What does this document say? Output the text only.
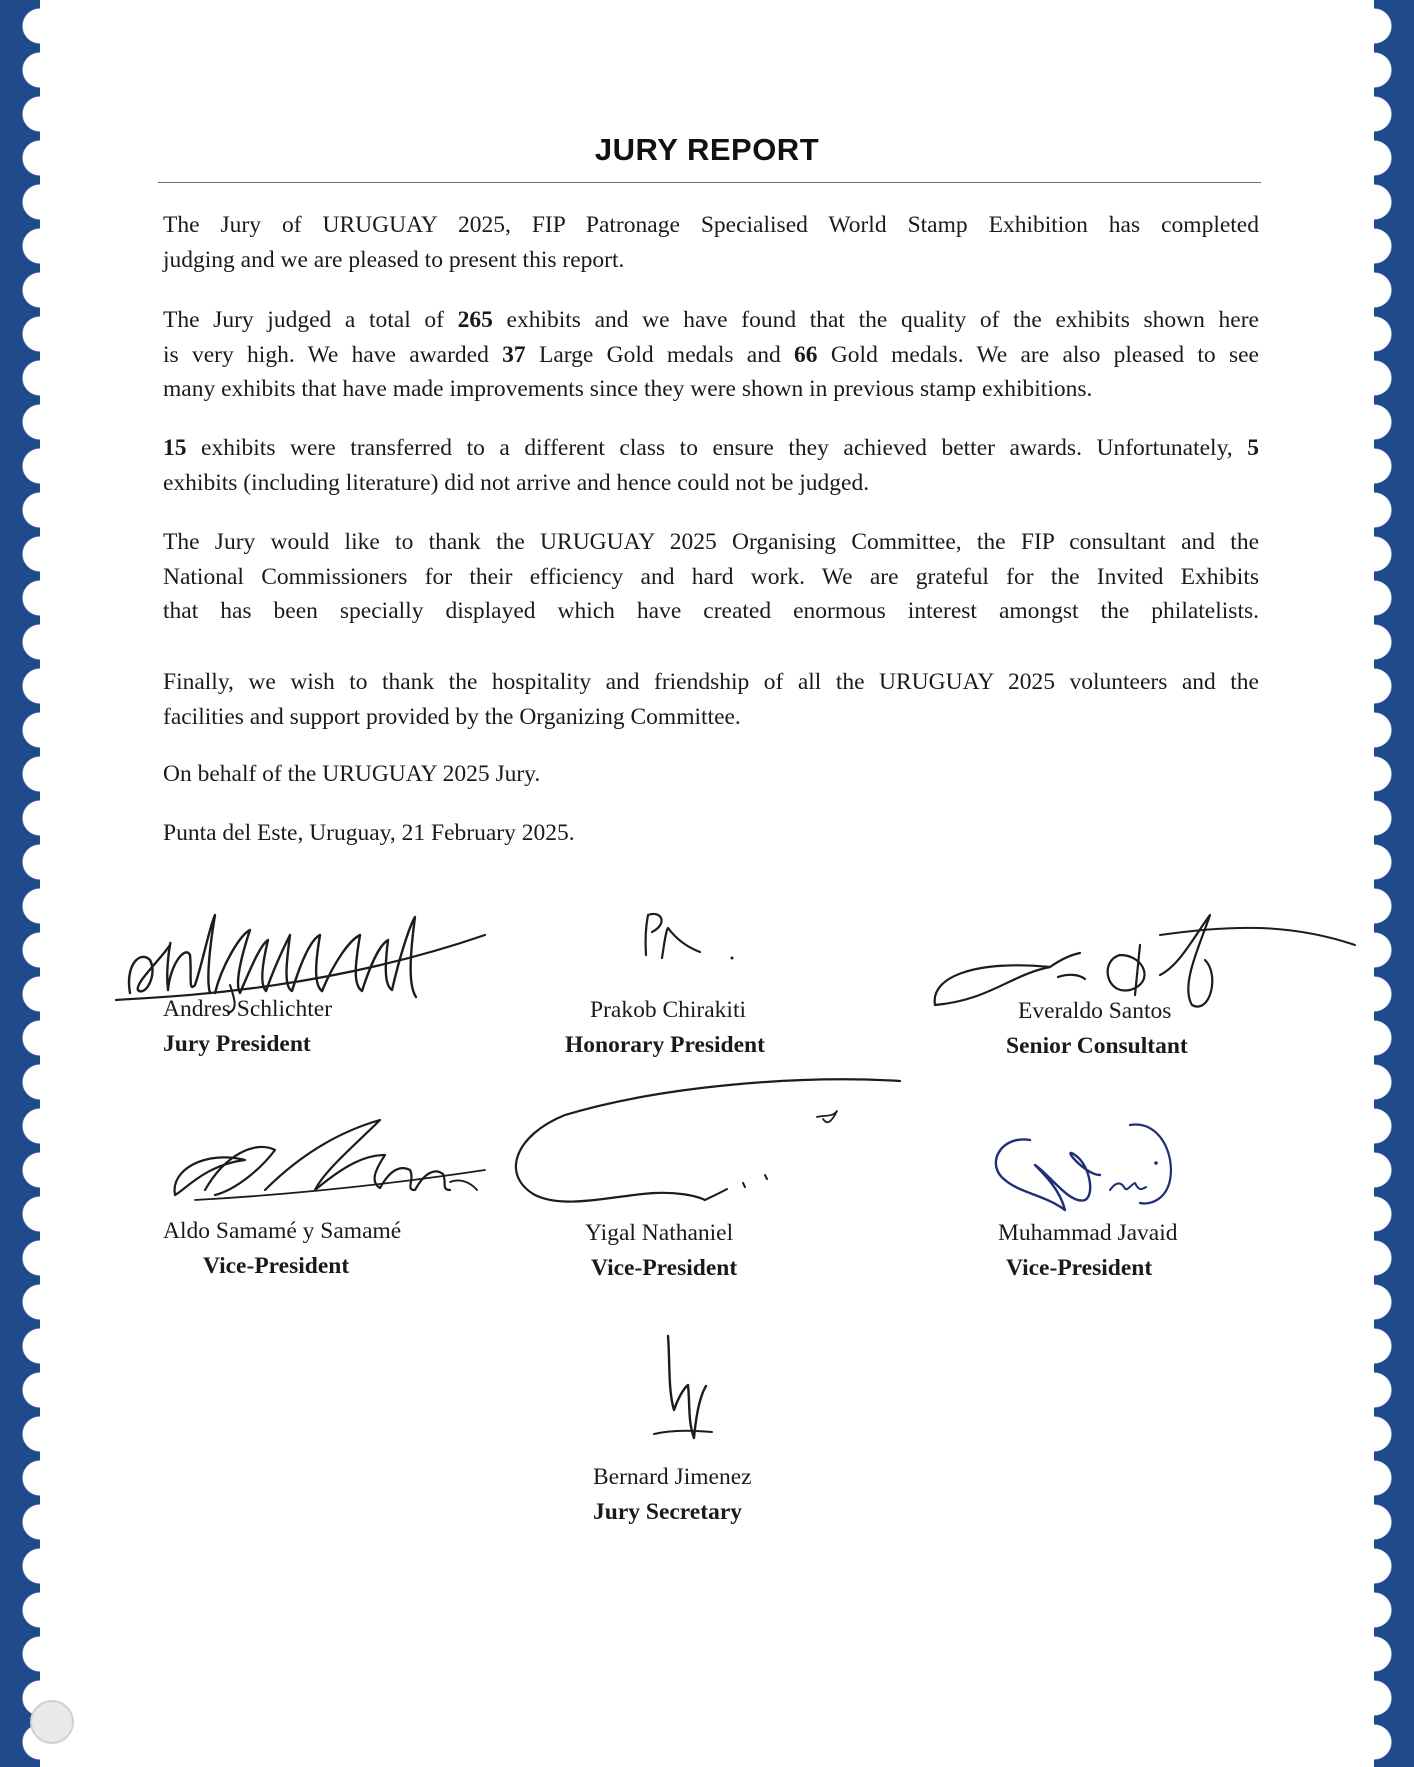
JURY REPORT
The Jury of URUGUAY 2025, FIP Patronage Specialised World Stamp Exhibition has completed
judging and we are pleased to present this report.
The Jury judged a total of 265 exhibits and we have found that the quality of the exhibits shown here
is very high. We have awarded 37 Large Gold medals and 66 Gold medals. We are also pleased to see
many exhibits that have made improvements since they were shown in previous stamp exhibitions.
15 exhibits were transferred to a different class to ensure they achieved better awards. Unfortunately, 5
exhibits (including literature) did not arrive and hence could not be judged.
The Jury would like to thank the URUGUAY 2025 Organising Committee, the FIP consultant and the
National Commissioners for their efficiency and hard work. We are grateful for the Invited Exhibits
that has been specially displayed which have created enormous interest amongst the philatelists.
Finally, we wish to thank the hospitality and friendship of all the URUGUAY 2025 volunteers and the
facilities and support provided by the Organizing Committee.
On behalf of the URUGUAY 2025 Jury.
Punta del Este, Uruguay, 21 February 2025.
Andres Schlichter
Jury President
Prakob Chirakiti
Honorary President
Everaldo Santos
Senior Consultant
Aldo Samamé y Samamé
Vice-President
Yigal Nathaniel
Vice-President
Muhammad Javaid
Vice-President
Bernard Jimenez
Jury Secretary
